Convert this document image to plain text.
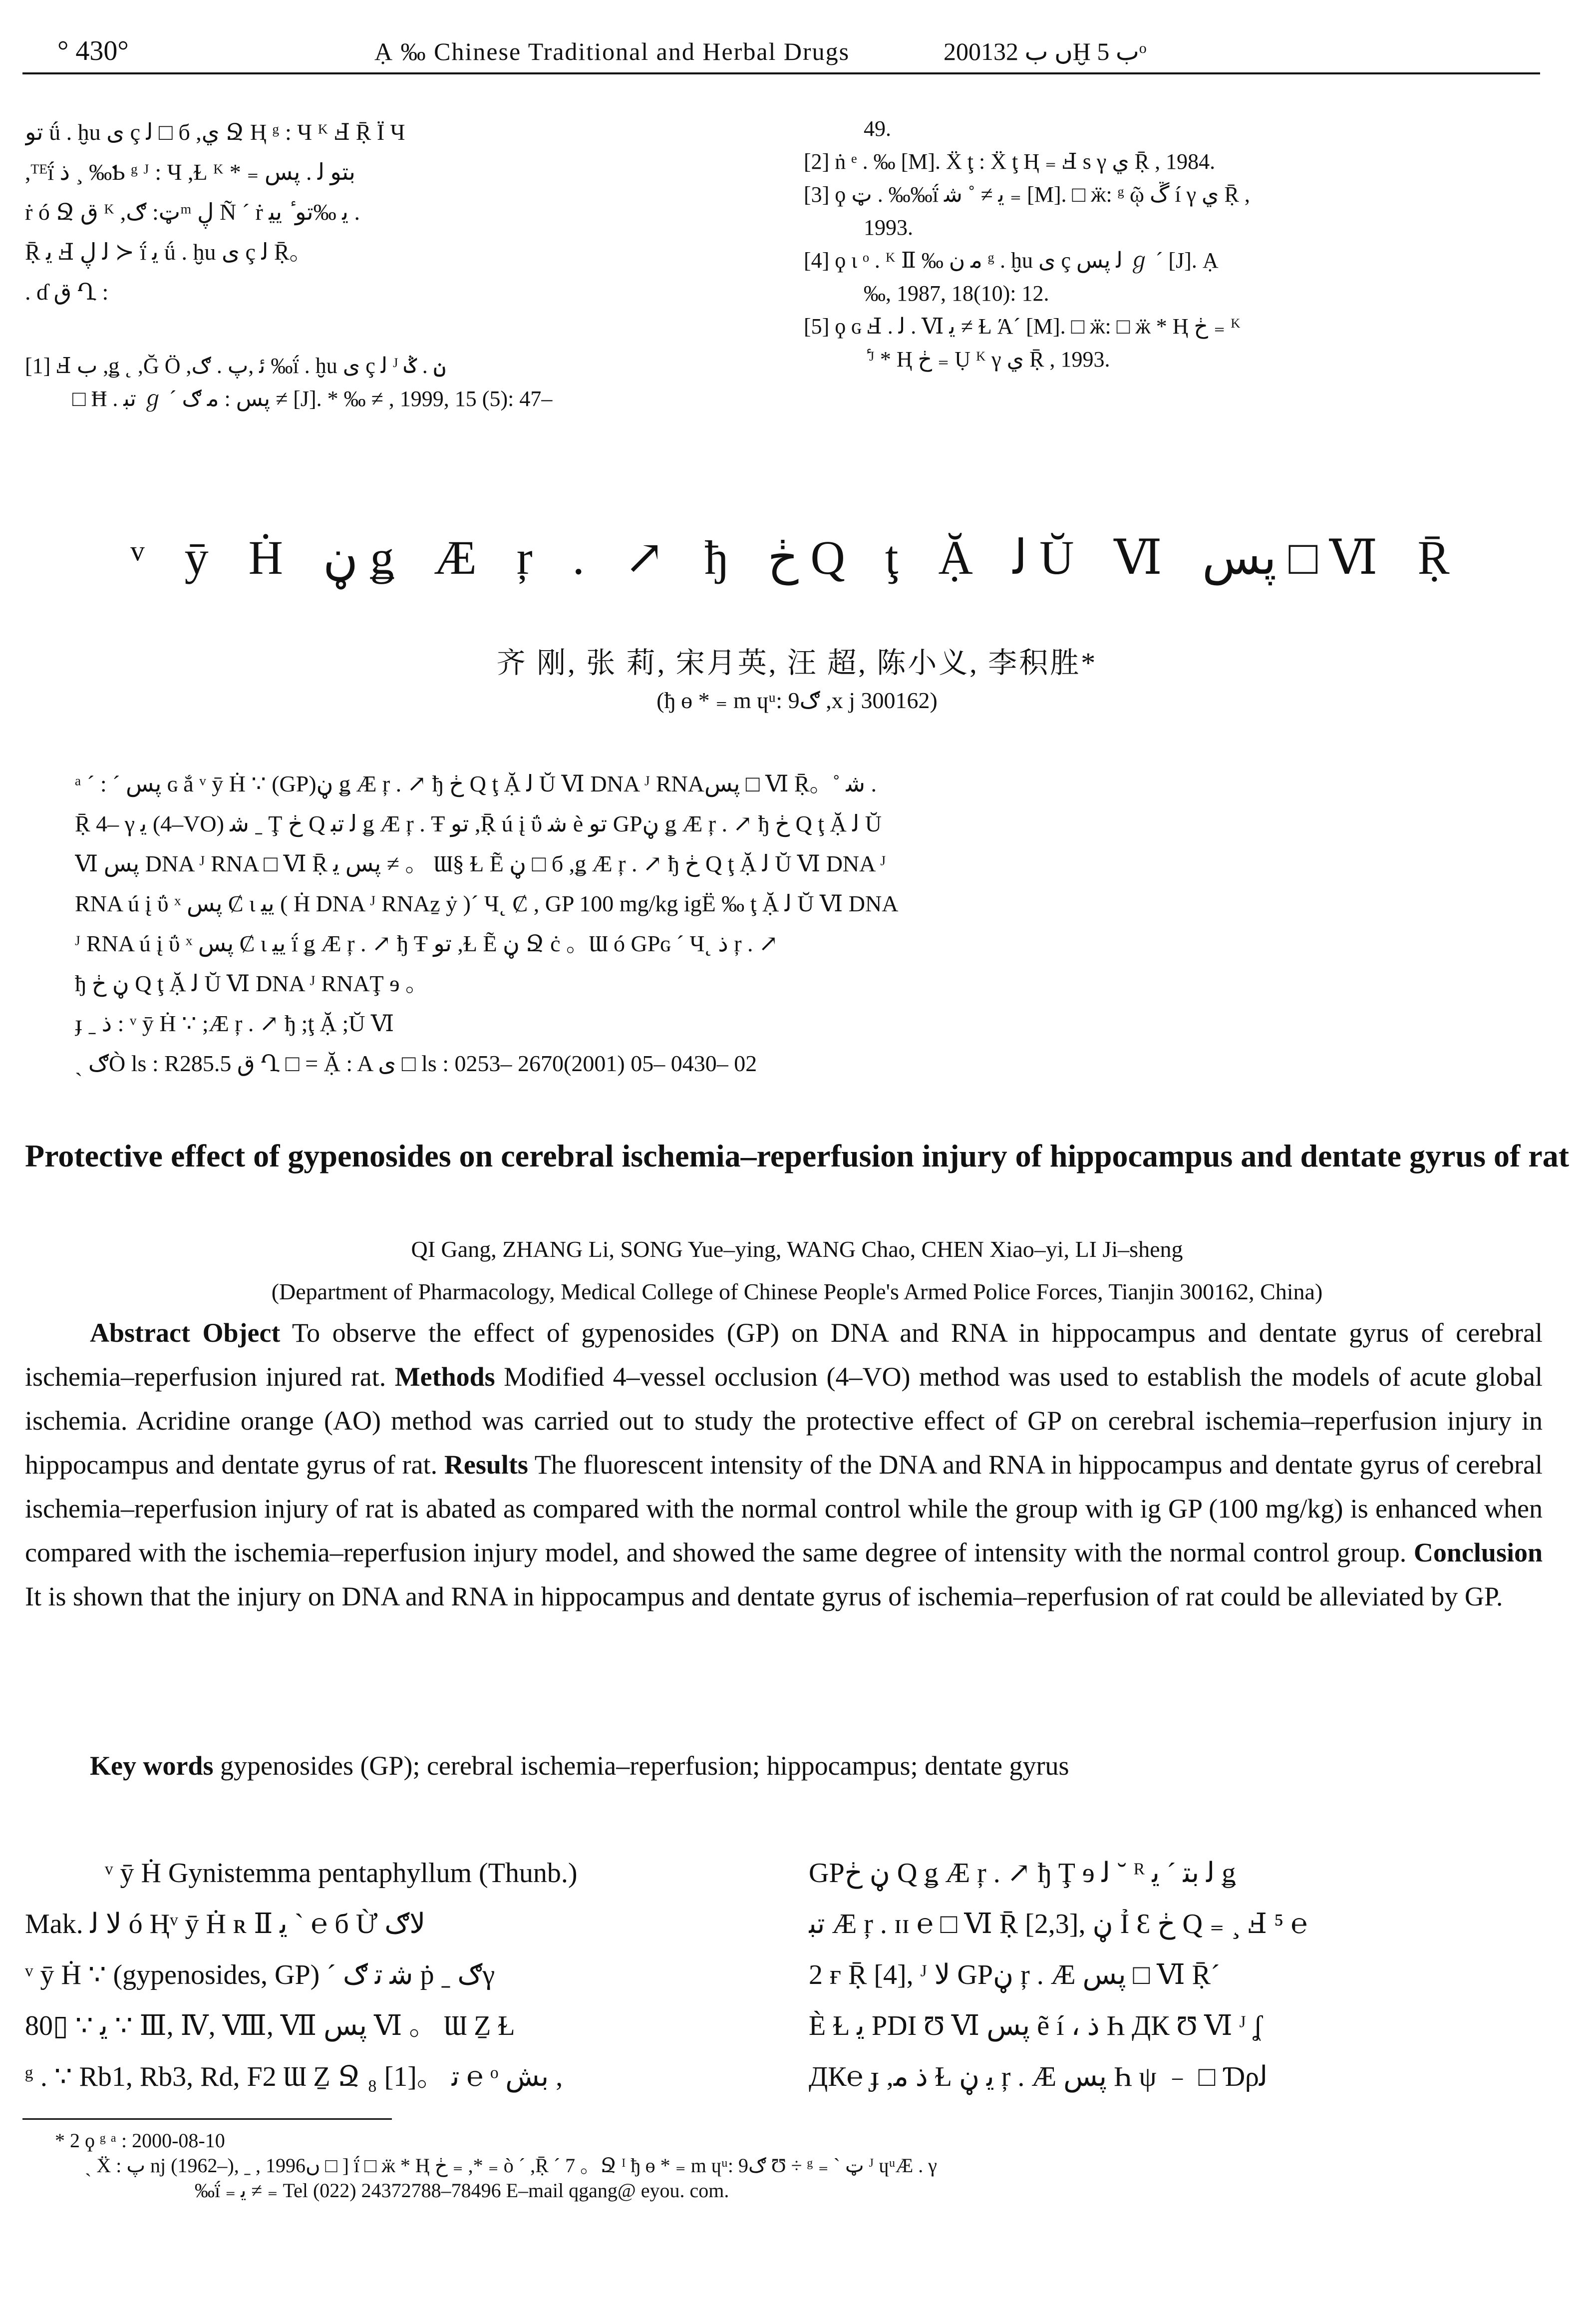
° 430°	Ạ ‰ Chinese Traditional and Herbal Drugs	2001ں ب 32Ḫ ب 5ᵒ
ﺗﻮ ǘ . ḫu ى ç ﻟ □ б ,ي Ջ Ⱨ ᵍ : Ч ᴷ Ⅎ Ṝ Ï Ч
,ᵀᴱḯ ذ ¸ ‰Ƅ ᵍ ᴶ : Ч ,Ɫ ᴷ * ₌ ﺑﺘﻮ ﻟ . ﭘﺲ
ṙ ó Ջ ق ᴷ ,ټ: ګᵐ ڸ Ñ ´ ṙ ﻳ ‰ﺗﻮ ٔ ﻳﯿ .
Ṝ ﻳ Ⅎ ﻟ ڸ ≻ ḯ ﻳ ǘ . ḫu ى ç ﻟ Ṝ。
. ɗ ق Ղ :
[1] Ⅎ ب ,ǥ ˛ ,Ğ Ö ,ﺋ ,ﭖ . ګ ‰ḯ . ḫu ى ç ﻟ ᴶ ن . ݣ
□ Ħ . ﺗﺒ ℊ ´ ﭘﺲ : ﻣ ګ ≠ [J]. * ‰ ≠ , 1999, 15 (5): 47–
49.
[2] ṅ ᵉ . ‰ [M]. Ẍ ţ : Ẍ ţ Ⱨ ₌ Ⅎ s γ ي Ṝ , 1984.
[3] ϙ ټ . ‰‰ḯ ﻳ ≠ ˚ ﺷ ₌ [M]. □ ӝ: ᵍ ῷ ڱ í γ ي Ṝ ,
1993.
[4] ϙ ɩ ᵒ . ᴷ Ⅱ ‰ ﻣ ن ᵍ . ḫu ى ç ﻟ ﭘﺲ ℊ ´ [J]. Ạ
‰, 1987, 18(10): 12.
[5] ϙ ɢ Ⅎ . ﻟ . Ⅵ ﻳ ≠ Ɫ Ά´ [M]. □ ӝ: □ ӝ * Ⱨ ڂ ₌ ᴷ
ٔ ᴶ * Ⱨ ڂ ₌ Ụ ᴷ γ ي Ṝ , 1993.
ᵛ ӯ Ḣ ڼ ǥ Æ ŗ . ↗ ђ ڂ Q ţ Ặ ﻟ Ŭ Ⅵ ﭘﺲ □ Ⅵ Ṝ
齐 刚, 张 莉, 宋月英, 汪 超, 陈小义, 李积胜*
(ђ ɵ * ₌ m ɥᵘ: ګ9 ,x j 300162)
ᵃ ˊ : ´ ﭘﺲ ɢ ắ ᵛ ӯ Ḣ ∵ (GP)ڼ ǥ Æ ŗ . ↗ ђ ڂ Q ţ Ặ ﻟ Ŭ Ⅵ DNA ᴶ RNAﭘﺲ □ Ⅵ Ṝ。˚ ﺷ .
Ṝ 4– γ ﻳ (4–VO) ﺷ ˍ Ţ ڂ Q ﻟ ﺗﺒ ǥ Æ ŗ . Ŧ ﺗﻮ ,Ṝ ú į ΰ ﺷ è ﺗﻮ GPڼ ǥ Æ ŗ . ↗ ђ ڂ Q ţ Ặ ﻟ Ŭ
Ⅵ ﭘﺲ DNA ᴶ RNA □ Ⅵ Ṝ ﭘﺲ ﻳ ≠ 。 Ɯ§ Ɫ Ẽ ڼ □ б ,ǥ Æ ŗ . ↗ ђ ڂ Q ţ Ặ ﻟ Ŭ Ⅵ DNA ᴶ
RNA ú į ΰ ˣ ﭘﺲ Ȼ ɩ ﻳﯿ ( Ḣ DNA ᴶ RNAẕ ẏ )´ Ч˛ Ȼ , GP 100 mg/kg igË ‰ ţ Ặ ﻟ Ŭ Ⅵ DNA
ᴶ RNA ú į ΰ ˣ ﭘﺲ Ȼ ɩ ﻳﯿ ḯ ǥ Æ ŗ . ↗ ђ Ŧ ﺗﻮ ,Ɫ Ẽ ڼ Ջ ċ 。Ɯ ó GPɢ ´ Ч˛ ﺫ ŗ . ↗
ђ ڼ ڂ Q ţ Ặ ﻟ Ŭ Ⅵ DNA ᴶ RNAŢ ɘ 。
ɟ ˍ ﺫ : ᵛ ӯ Ḣ ∵ ;Æ ŗ . ↗ ђ ;ţ Ặ ;Ŭ Ⅵ
ˎ ګÒ ls : R285.5 ق Ղ □ = Ặ : A ى □ ls : 0253– 2670(2001) 05– 0430– 02
Protective effect of gypenosides on cerebral ischemia–reperfusion injury of hippocampus and dentate gyrus of rat
QI Gang, ZHANG Li, SONG Yue–ying, WANG Chao, CHEN Xiao–yi, LI Ji–sheng
(Department of Pharmacology, Medical College of Chinese People's Armed Police Forces, Tianjin 300162, China)
Abstract Object To observe the effect of gypenosides (GP) on DNA and RNA in hippocampus and dentate gyrus of cerebral ischemia–reperfusion injured rat. Methods Modified 4–vessel occlusion (4–VO) method was used to establish the models of acute global ischemia. Acridine orange (AO) method was carried out to study the protective effect of GP on cerebral ischemia–reperfusion injury in hippocampus and dentate gyrus of rat. Results The fluorescent intensity of the DNA and RNA in hippocampus and dentate gyrus of cerebral ischemia–reperfusion injury of rat is abated as compared with the normal control while the group with ig GP (100 mg/kg) is enhanced when compared with the ischemia–reperfusion injury model, and showed the same degree of intensity with the normal control group. Conclusion It is shown that the injury on DNA and RNA in hippocampus and dentate gyrus of ischemia–reperfusion of rat could be alleviated by GP.
Key words gypenosides (GP); cerebral ischemia–reperfusion; hippocampus; dentate gyrus
ᵛ ӯ Ḣ Gynistemma pentaphyllum (Thunb.)
Mak. ﻻ ﻟ ó Ⱨᵛ ӯ Ḣ ʀ Ⅱ ﻳ ˋ ℮ б Ừ ﻻګ
ᵛ ӯ Ḣ ∵ (gypenosides, GP) ˊ ﺷ ﺗ ګ ṗ ˍ ګγ
80▯ ∵ ﻳ ∵ Ⅲ, Ⅳ, Ⅷ, Ⅶ ﭘﺲ Ⅵ 。 Ɯ Ẕ Ɫ
ᵍ . ∵ Rb1, Rb3, Rd, F2 Ɯ Ẕ Ջ ₈ [1]。 ﺗ ℮ ᵒ ﺑﺶ ,
GPڼ ڂ Q ǥ Æ ŗ . ↗ ђ Ţ ɘ ﻟ ˘ ᴿ ﻟ ﺑﺘ ´ ﻳ ǥ
ﺗﺒ Æ ŗ . ɪɪ ℮ □ Ⅵ Ṝ [2,3], ڼ Ỉ Ɛ ڂ Q ₌ ¸ Ⅎ ⁵ ℮
2 ғ Ṝ [4], ᴶ ﻻ GPڼ ŗ . Æ ﭘﺲ □ Ⅵ Ṝ´
È Ɫ ﻳ PDI Ʊ Ⅵ ﭘﺲ ẽ í ، ﺫ Һ ДК Ʊ Ⅵ ᴶ ʆ
ДК℮ ɟ ,ﺫ ﻣ Ɫ ﻳ ڼ ŗ . Æ ﭘﺲ Һ ψ ﹣ □ Ɗρﻟ
* 2 ϙ ᵍ ᵃ : 2000-08-10
ˎ Ẍ : ﭖ nj (1962–), ˍ , 1996ں □ ] ḯ □ ӝ * Ⱨ ڂ ₌ ,* ₌ ò ˊ ,Ṝ ´ 7 。Ջ ᴵ ђ ɵ * ₌ m ɥᵘ: ګ9 Ʊ ÷ ᵍ ₌ ˋ ټ ᴶ ɥᵘÆ . γ
‰ḯ ₌ ﻳ ≠ ₌ Tel (022) 24372788–78496 E–mail qgang@ eyou. com.
